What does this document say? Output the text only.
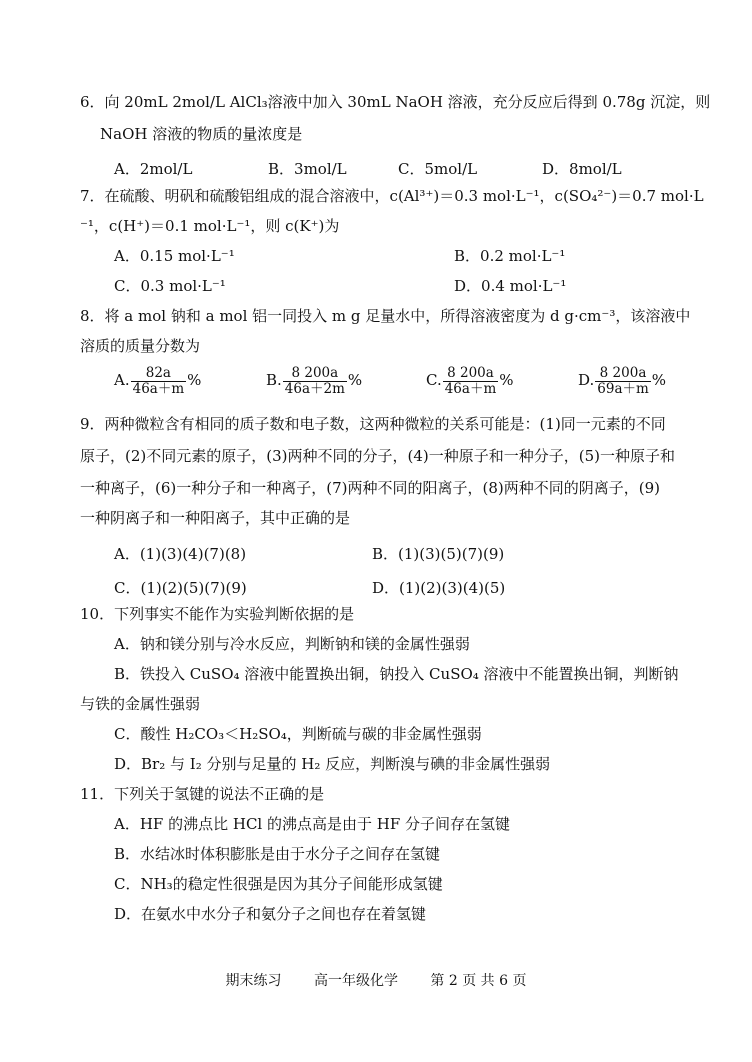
6．向 20mL 2mol/L AlCl₃溶液中加入 30mL NaOH 溶液，充分反应后得到 0.78g 沉淀，则
NaOH 溶液的物质的量浓度是
A．2mol/L	B．3mol/L	C．5mol/L	D．8mol/L
7．在硫酸、明矾和硫酸铝组成的混合溶液中，c(Al³⁺)＝0.3 mol·L⁻¹，c(SO₄²⁻)＝0.7 mol·L
⁻¹，c(H⁺)＝0.1 mol·L⁻¹，则 c(K⁺)为
A．0.15 mol·L⁻¹	B．0.2 mol·L⁻¹
C．0.3 mol·L⁻¹	D．0.4 mol·L⁻¹
8．将 a mol 钠和 a mol 铝一同投入 m g 足量水中，所得溶液密度为 d g·cm⁻³，该溶液中
溶质的质量分数为
A. $\frac{82a}{46a+m}$ %	B. $\frac{8 200a}{46a+2m}$ %	C. $\frac{8 200a}{46a+m}$ %	D. $\frac{8 200a}{69a+m}$ %
9．两种微粒含有相同的质子数和电子数，这两种微粒的关系可能是：(1)同一元素的不同
原子，(2)不同元素的原子，(3)两种不同的分子，(4)一种原子和一种分子，(5)一种原子和
一种离子，(6)一种分子和一种离子，(7)两种不同的阳离子，(8)两种不同的阴离子，(9)
一种阴离子和一种阳离子，其中正确的是
A．(1)(3)(4)(7)(8)	B．(1)(3)(5)(7)(9)
C．(1)(2)(5)(7)(9)	D．(1)(2)(3)(4)(5)
10．下列事实不能作为实验判断依据的是
A．钠和镁分别与冷水反应，判断钠和镁的金属性强弱
B．铁投入 CuSO₄ 溶液中能置换出铜，钠投入 CuSO₄ 溶液中不能置换出铜，判断钠
与铁的金属性强弱
C．酸性 H₂CO₃＜H₂SO₄，判断硫与碳的非金属性强弱
D．Br₂ 与 I₂ 分别与足量的 H₂ 反应，判断溴与碘的非金属性强弱
11．下列关于氢键的说法不正确的是
A．HF 的沸点比 HCl 的沸点高是由于 HF 分子间存在氢键
B．水结冰时体积膨胀是由于水分子之间存在氢键
C．NH₃的稳定性很强是因为其分子间能形成氢键
D．在氨水中水分子和氨分子之间也存在着氢键
期末练习 高一年级化学 第 2 页 共 6 页
